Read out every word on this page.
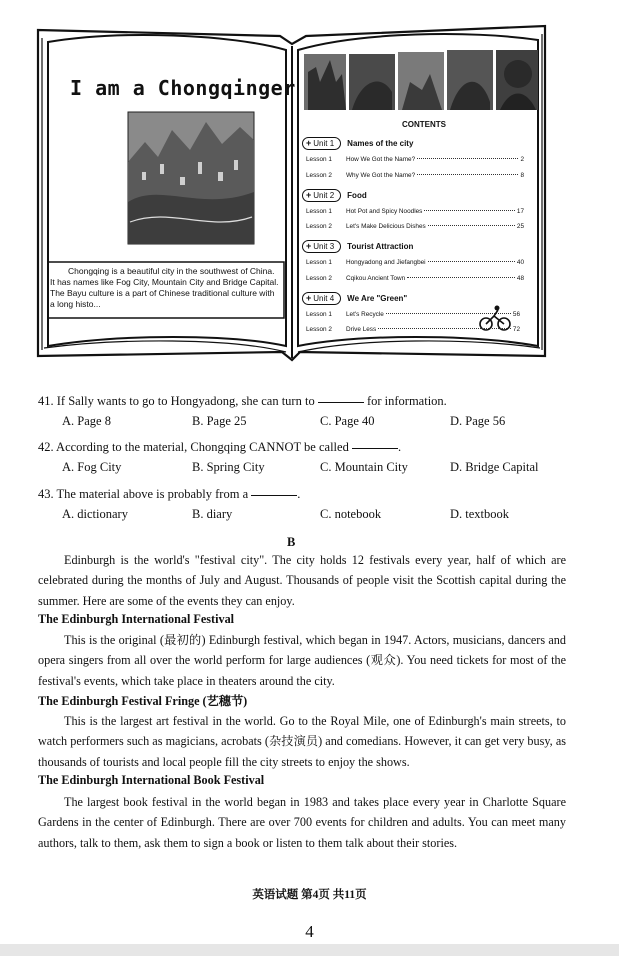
I am a Chongqinger
Chongqing is a beautiful city in the southwest of China. It has names like Fog City, Mountain City and Bridge Capital. The Bayu culture is a part of Chinese traditional culture with a long histo...
CONTENTS
+ Unit 1 Names of the city
Lesson 1	How We Got the Name?	2
Lesson 2	Why We Got the Name?	8
+ Unit 2 Food
Lesson 1	Hot Pot and Spicy Noodles	17
Lesson 2	Let's Make Delicious Dishes	25
+ Unit 3 Tourist Attraction
Lesson 1	Hongyadong and Jiefangbei	40
Lesson 2	Cqikou Ancient Town	48
+ Unit 4 We Are "Green"
Lesson 1	Let's Recycle	56
Lesson 2	Drive Less	72
41. If Sally wants to go to Hongyadong, she can turn to	for information.
A. Page 8	B. Page 25	C. Page 40	D. Page 56
42. According to the material, Chongqing CANNOT be called	.
A. Fog City	B. Spring City	C. Mountain City	D. Bridge Capital
43. The material above is probably from a	.
A. dictionary	B. diary	C. notebook	D. textbook
B
Edinburgh is the world's "festival city". The city holds 12 festivals every year, half of which are celebrated during the months of July and August. Thousands of people visit the Scottish capital during the summer. Here are some of the events they can enjoy.
The Edinburgh International Festival
This is the original (最初的) Edinburgh festival, which began in 1947. Actors, musicians, dancers and opera singers from all over the world perform for large audiences (观众). You need tickets for most of the festival's events, which take place in theaters around the city.
The Edinburgh Festival Fringe (艺穗节)
This is the largest art festival in the world. Go to the Royal Mile, one of Edinburgh's main streets, to watch performers such as magicians, acrobats (杂技演员) and comedians. However, it can get very busy, as thousands of tourists and local people fill the city streets to enjoy the shows.
The Edinburgh International Book Festival
The largest book festival in the world began in 1983 and takes place every year in Charlotte Square Gardens in the center of Edinburgh. There are over 700 events for children and adults. You can meet many authors, talk to them, ask them to sign a book or listen to them talk about their stories.
英语试题 第4页 共11页
4
